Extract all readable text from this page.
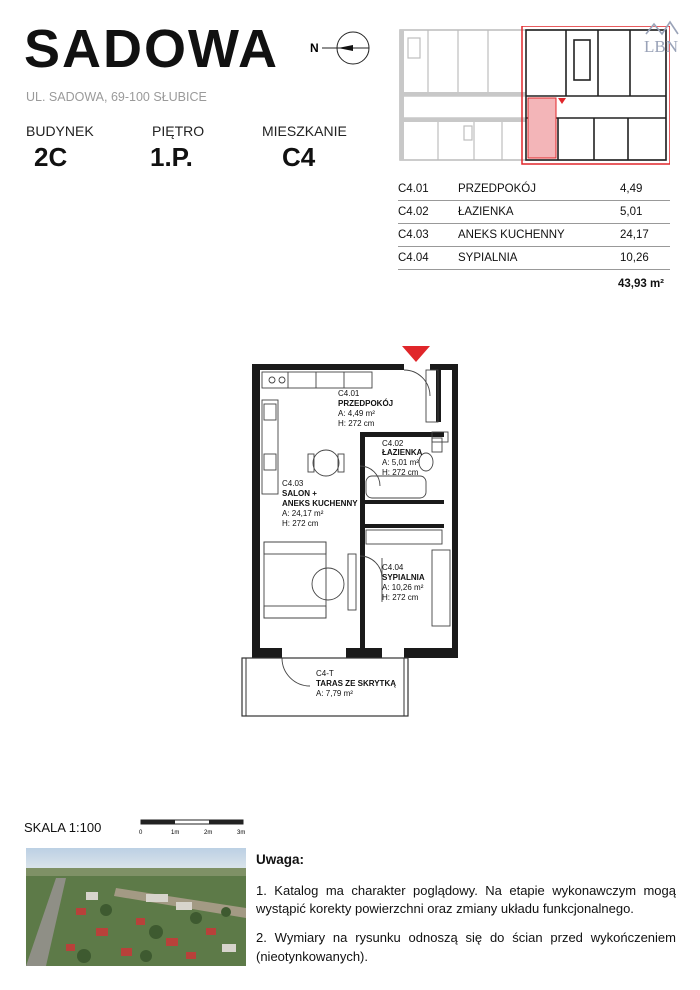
SADOWA	N
UL. SADOWA, 69-100 SŁUBICE
BUDYNEK
2C
PIĘTRO
1.P.
MIESZKANIE
C4
LBN
C4.01	PRZEDPOKÓJ	4,49
C4.02	ŁAZIENKA	5,01
C4.03	ANEKS KUCHENNY	24,17
C4.04	SYPIALNIA	10,26
43,93 m²
C4.01
PRZEDPOKÓJ
A: 4,49 m²
H: 272 cm
C4.02
ŁAZIENKA
A: 5,01 m²
H: 272 cm
C4.03
SALON +
ANEKS KUCHENNY
A: 24,17 m²
H: 272 cm
C4.04
SYPIALNIA
A: 10,26 m²
H: 272 cm
C4-T
TARAS ZE SKRYTKĄ
A: 7,79 m²
SKALA 1:100	0	1m	2m	3m
Uwaga:

1. Katalog ma charakter poglądowy. Na etapie wykonawczym mogą wystąpić korekty powierzchni oraz zmiany układu funkcjonalnego.

2. Wymiary na rysunku odnoszą się do ścian przed wykończeniem (nieotynkowanych).
